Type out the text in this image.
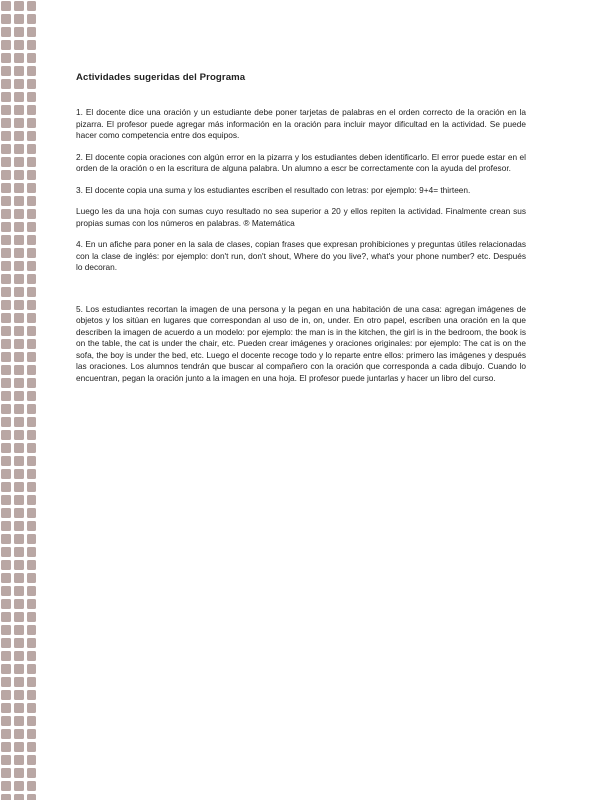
Actividades sugeridas del Programa

1. El docente dice una oración y un estudiante debe poner tarjetas de palabras en el orden correcto de la oración en la pizarra. El profesor puede agregar más información en la oración para incluir mayor dificultad en la actividad. Se puede hacer como competencia entre dos equipos.

2. El docente copia oraciones con algún error en la pizarra y los estudiantes deben identificarlo. El error puede estar en el orden de la oración o en la escritura de alguna palabra. Un alumno a escr be correctamente con la ayuda del profesor.

3. El docente copia una suma y los estudiantes escriben el resultado con letras: por ejemplo: 9+4= thirteen.

Luego les da una hoja con sumas cuyo resultado no sea superior a 20 y ellos repiten la actividad. Finalmente crean sus propias sumas con los números en palabras. ® Matemática

4. En un afiche para poner en la sala de clases, copian frases que expresan prohibiciones y preguntas útiles relacionadas con la clase de inglés: por ejemplo: don't run, don't shout, Where do you live?, what's your phone number? etc. Después lo decoran.

5. Los estudiantes recortan la imagen de una persona y la pegan en una habitación de una casa: agregan imágenes de objetos y los sitúan en lugares que correspondan al uso de in, on, under. En otro papel, escriben una oración en la que describen la imagen de acuerdo a un modelo: por ejemplo: the man is in the kitchen, the girl is in the bedroom, the book is on the table, the cat is under the chair, etc. Pueden crear imágenes y oraciones originales: por ejemplo: The cat is on the sofa, the boy is under the bed, etc. Luego el docente recoge todo y lo reparte entre ellos: primero las imágenes y después las oraciones. Los alumnos tendrán que buscar al compañero con la oración que corresponda a cada dibujo. Cuando lo encuentran, pegan la oración junto a la imagen en una hoja. El profesor puede juntarlas y hacer un libro del curso.
